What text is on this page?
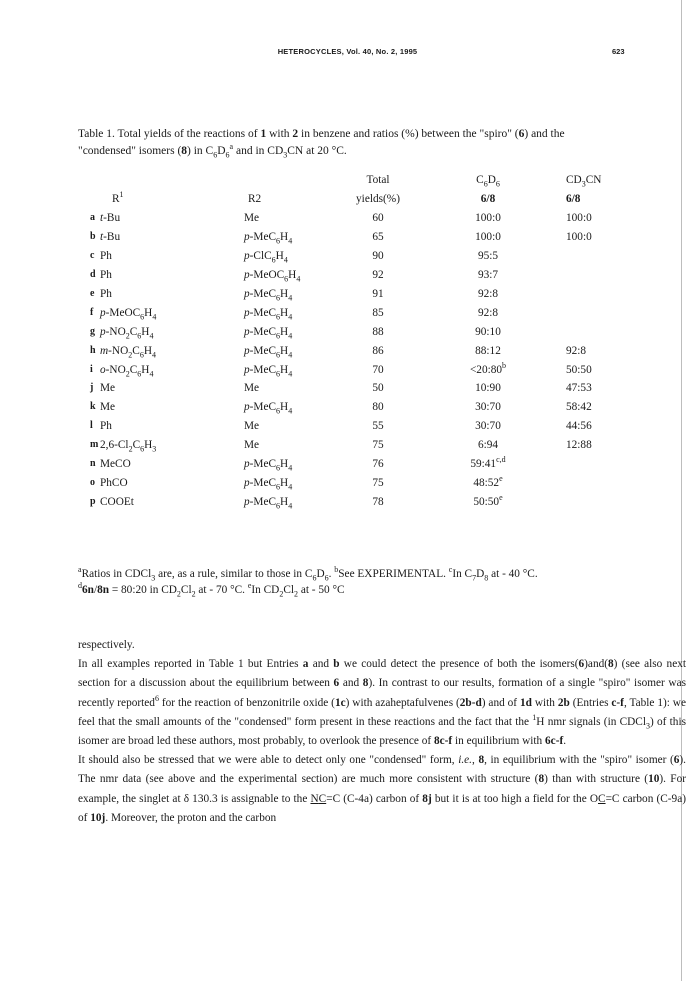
HETEROCYCLES, Vol. 40, No. 2, 1995	623

Table 1. Total yields of the reactions of 1 with 2 in benzene and ratios (%) between the "spiro" (6) and the

"condensed" isomers (8) in $C_6D_6^a$ and in $CD_3CN$ at 20 °C.

			Total	$C_6D_6$	$CD_3CN$
	$R^1$	R2	yields(%)	6/8	6/8
a	t-Bu	Me	60	100:0	100:0
b	t-Bu	$p-MeC_6H_4$	65	100:0	100:0
c	Ph	$p-ClC_6H_4$	90	95:5	
d	Ph	$p-MeOC_6H_4$	92	93:7	
e	Ph	$p-MeC_6H_4$	91	92:8	
f	$p-MeOC_6H_4$	$p-MeC_6H_4$	85	92:8	
g	$p-NO_2C_6H_4$	$p-MeC_6H_4$	88	90:10	
h	$m-NO_2C_6H_4$	$p-MeC_6H_4$	86	88:12	92:8
i	$o-NO_2C_6H_4$	$p-MeC_6H_4$	70	$<20:80^b$	50:50
j	Me	Me	50	10:90	47:53
k	Me	$p-MeC_6H_4$	80	30:70	58:42
l	Ph	Me	55	30:70	44:56
m	$2,6-Cl_2C_6H_3$	Me	75	6:94	12:88
n	MeCO	$p-MeC_6H_4$	76	59:41$^{c,d}$	
o	PhCO	$p-MeC_6H_4$	75	48:52e	
p	COOEt	$p-MeC_6H_4$	78	50:50e	

$^a$Ratios in CDCl$_3$ are, as a rule, similar to those in $C_6D_6$. $^b$See EXPERIMENTAL. $^c$In $C_7D_8$ at - 40 °C.

$^d$6n/8n = 80:20 in $CD_2Cl_2$ at - 70 °C. $^e$In $CD_2Cl_2$ at - 50 °C

respectively.

In all examples reported in Table 1 but Entries a and b we could detect the presence of both the isomers(6)and(8) (see also next section for a discussion about the equilibrium between 6 and 8). In contrast to our results, formation of a single "spiro" isomer was recently reported$^6$ for the reaction of benzonitrile oxide (1c) with azaheptafulvenes (2b-d) and of 1d with 2b (Entries c-f, Table 1): we feel that the small amounts of the "condensed" form present in these reactions and the fact that the $^1$H nmr signals (in CDCl$_3$) of this isomer are broad led these authors, most probably, to overlook the presence of 8c-f in equilibrium with 6c-f.

It should also be stressed that we were able to detect only one "condensed" form, i.e., 8, in equilibrium with the "spiro" isomer (6). The nmr data (see above and the experimental section) are much more consistent with structure (8) than with structure (10). For example, the singlet at δ 130.3 is assignable to the NC=C (C-4a) carbon of 8j but it is at too high a field for the OC=C carbon (C-9a) of 10j. Moreover, the proton and the carbon
